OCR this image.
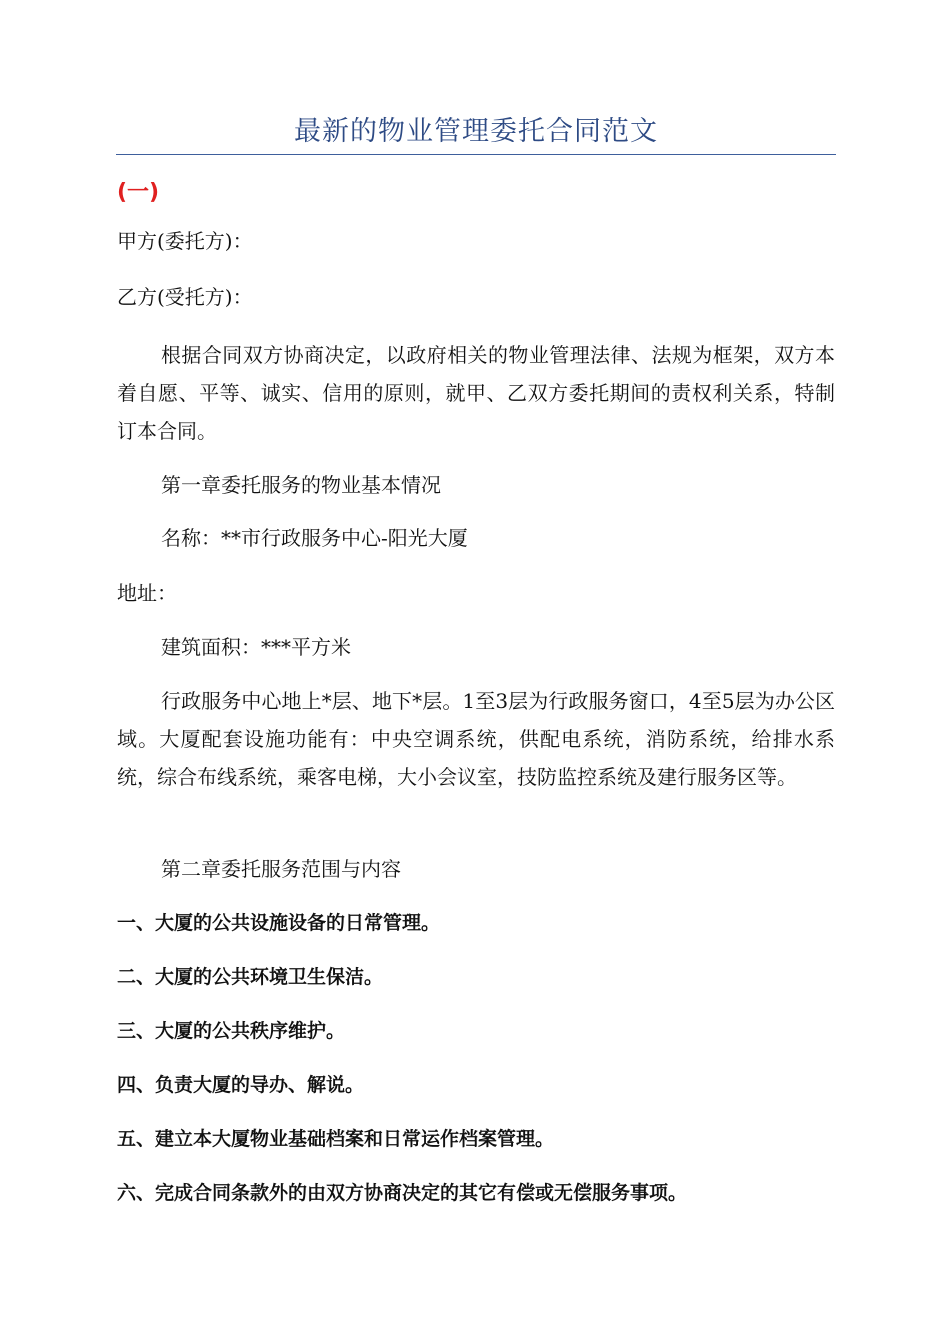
最新的物业管理委托合同范文
(一)

甲方(委托方)：

乙方(受托方)：

根据合同双方协商决定，以政府相关的物业管理法律、法规为框架，双方本着自愿、平等、诚实、信用的原则，就甲、乙双方委托期间的责权利关系，特制订本合同。

第一章委托服务的物业基本情况

名称：**市行政服务中心-阳光大厦

地址：

建筑面积：***平方米

行政服务中心地上*层、地下*层。1至3层为行政服务窗口，4至5层为办公区域。大厦配套设施功能有：中央空调系统，供配电系统，消防系统，给排水系统，综合布线系统，乘客电梯，大小会议室，技防监控系统及建行服务区等。

第二章委托服务范围与内容

一、大厦的公共设施设备的日常管理。

二、大厦的公共环境卫生保洁。

三、大厦的公共秩序维护。

四、负责大厦的导办、解说。

五、建立本大厦物业基础档案和日常运作档案管理。

六、完成合同条款外的由双方协商决定的其它有偿或无偿服务事项。
